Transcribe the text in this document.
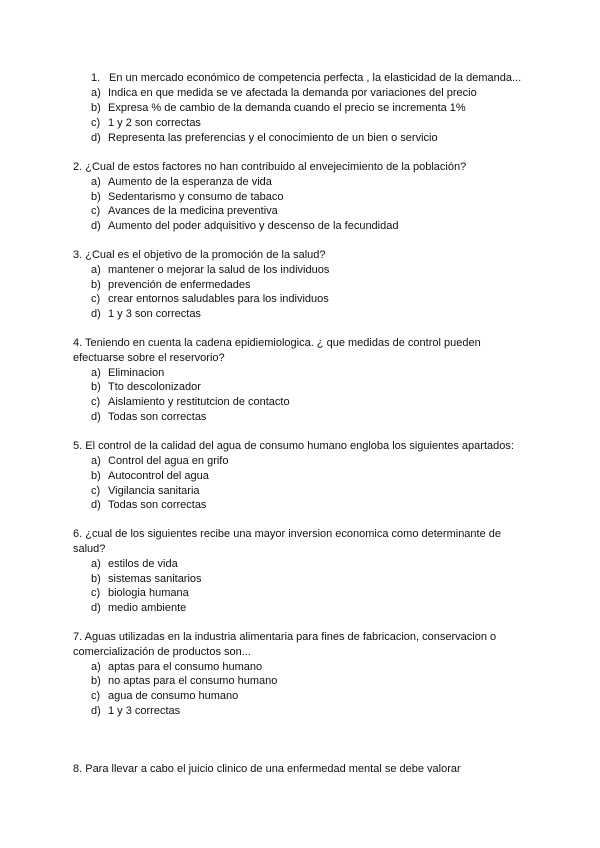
1. En un mercado económico de competencia perfecta , la elasticidad de la demanda...
a) Indica en que medida se ve afectada la demanda por variaciones del precio
b) Expresa % de cambio de la demanda cuando el precio se incrementa 1%
c) 1 y 2 son correctas
d) Representa las preferencias y el conocimiento de un bien o servicio
2. ¿Cual de estos factores no han contribuido al envejecimiento de la población?
a) Aumento de la esperanza de vida
b) Sedentarismo y consumo de tabaco
c) Avances de la medicina preventiva
d) Aumento del poder adquisitivo y descenso de la fecundidad
3. ¿Cual es el objetivo de la promoción de la salud?
a) mantener o mejorar la salud de los individuos
b) prevención de enfermedades
c) crear entornos saludables para los individuos
d) 1 y 3 son correctas
4. Teniendo en cuenta la cadena epidiemiologica. ¿ que medidas de control pueden
efectuarse sobre el reservorio?
a) Eliminacion
b) Tto descolonizador
c) Aislamiento y restitutcion de contacto
d) Todas son correctas
5. El control de la calidad del agua de consumo humano engloba los siguientes apartados:
a) Control del agua en grifo
b) Autocontrol del agua
c) Vigilancia sanitaria
d) Todas son correctas
6. ¿cual de los siguientes recibe una mayor inversion economica como determinante de
salud?
a) estilos de vida
b) sistemas sanitarios
c) biologia humana
d) medio ambiente
7. Aguas utilizadas en la industria alimentaria para fines de fabricacion, conservacion o
comercialización de productos son...
a) aptas para el consumo humano
b) no aptas para el consumo humano
c) agua de consumo humano
d) 1 y 3 correctas
8. Para llevar a cabo el juicio clinico de una enfermedad mental se debe valorar
